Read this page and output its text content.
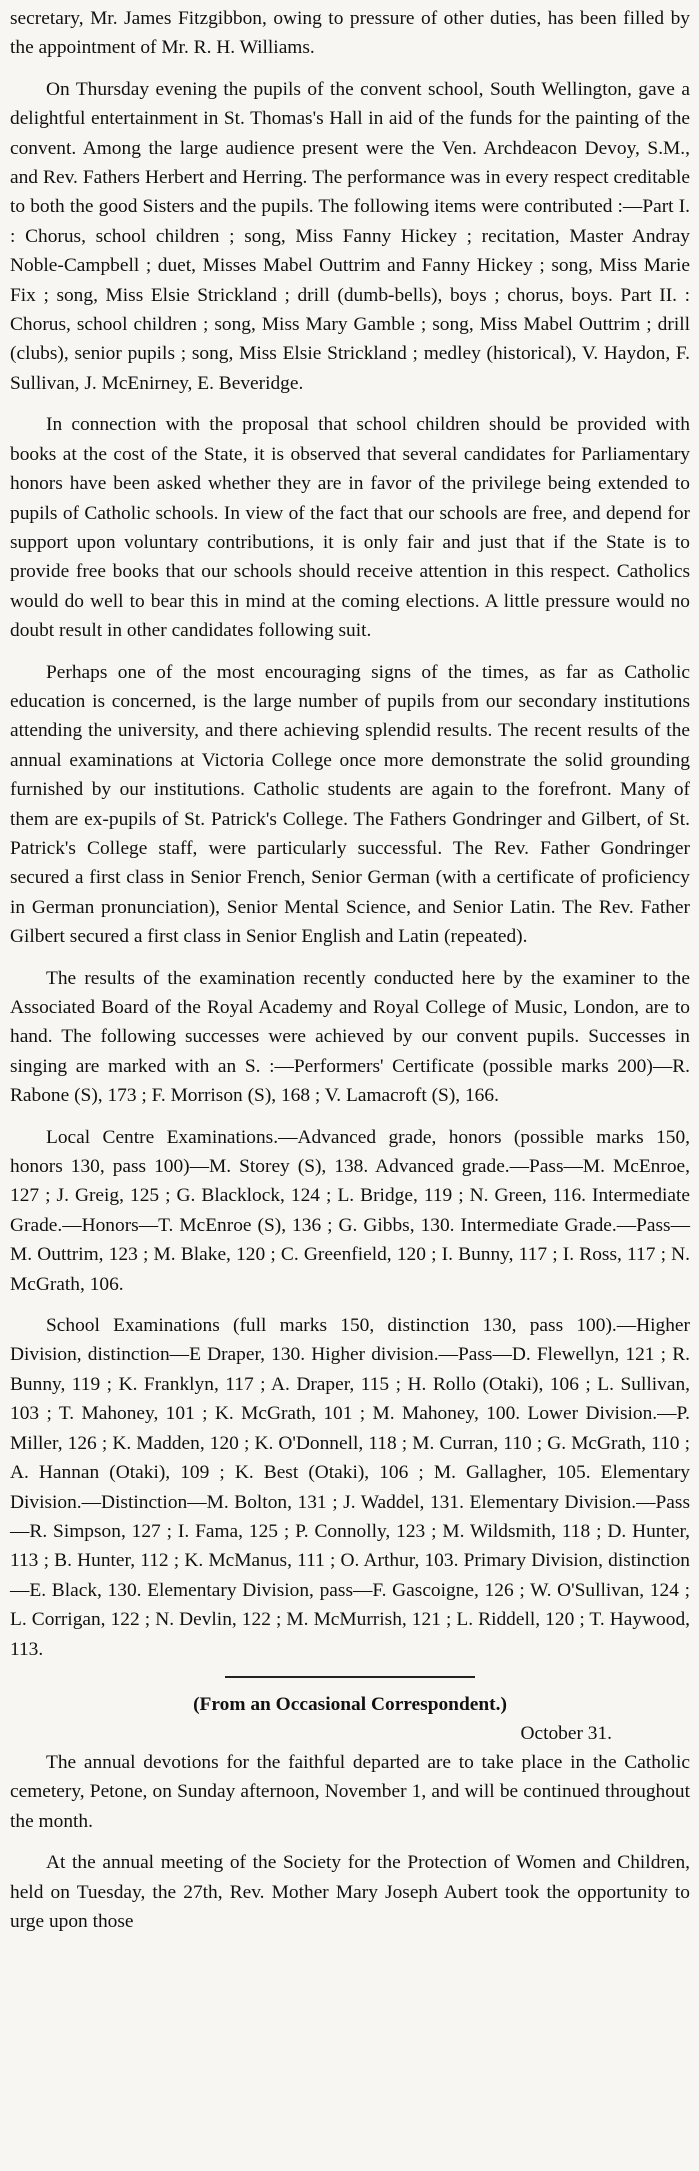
secretary, Mr. James Fitzgibbon, owing to pressure of other duties, has been filled by the appointment of Mr. R. H. Williams.

On Thursday evening the pupils of the convent school, South Wellington, gave a delightful entertainment in St. Thomas's Hall in aid of the funds for the painting of the convent. Among the large audience present were the Ven. Archdeacon Devoy, S.M., and Rev. Fathers Herbert and Herring. The performance was in every respect creditable to both the good Sisters and the pupils. The following items were contributed :—Part I. : Chorus, school children ; song, Miss Fanny Hickey ; recitation, Master Andray Noble-Campbell ; duet, Misses Mabel Outtrim and Fanny Hickey ; song, Miss Marie Fix ; song, Miss Elsie Strickland ; drill (dumb-bells), boys ; chorus, boys. Part II. : Chorus, school children ; song, Miss Mary Gamble ; song, Miss Mabel Outtrim ; drill (clubs), senior pupils ; song, Miss Elsie Strickland ; medley (historical), V. Haydon, F. Sullivan, J. McEnirney, E. Beveridge.

In connection with the proposal that school children should be provided with books at the cost of the State, it is observed that several candidates for Parliamentary honors have been asked whether they are in favor of the privilege being extended to pupils of Catholic schools. In view of the fact that our schools are free, and depend for support upon voluntary contributions, it is only fair and just that if the State is to provide free books that our schools should receive attention in this respect. Catholics would do well to bear this in mind at the coming elections. A little pressure would no doubt result in other candidates following suit.

Perhaps one of the most encouraging signs of the times, as far as Catholic education is concerned, is the large number of pupils from our secondary institutions attending the university, and there achieving splendid results. The recent results of the annual examinations at Victoria College once more demonstrate the solid grounding furnished by our institutions. Catholic students are again to the forefront. Many of them are ex-pupils of St. Patrick's College. The Fathers Gondringer and Gilbert, of St. Patrick's College staff, were particularly successful. The Rev. Father Gondringer secured a first class in Senior French, Senior German (with a certificate of proficiency in German pronunciation), Senior Mental Science, and Senior Latin. The Rev. Father Gilbert secured a first class in Senior English and Latin (repeated).

The results of the examination recently conducted here by the examiner to the Associated Board of the Royal Academy and Royal College of Music, London, are to hand. The following successes were achieved by our convent pupils. Successes in singing are marked with an S. :—Performers' Certificate (possible marks 200)—R. Rabone (S), 173 ; F. Morrison (S), 168 ; V. Lamacroft (S), 166.

Local Centre Examinations.—Advanced grade, honors (possible marks 150, honors 130, pass 100)—M. Storey (S), 138. Advanced grade.—Pass—M. McEnroe, 127 ; J. Greig, 125 ; G. Blacklock, 124 ; L. Bridge, 119 ; N. Green, 116. Intermediate Grade.—Honors—T. McEnroe (S), 136 ; G. Gibbs, 130. Intermediate Grade.—Pass—M. Outtrim, 123 ; M. Blake, 120 ; C. Greenfield, 120 ; I. Bunny, 117 ; I. Ross, 117 ; N. McGrath, 106.

School Examinations (full marks 150, distinction 130, pass 100).—Higher Division, distinction—E Draper, 130. Higher division.—Pass—D. Flewellyn, 121 ; R. Bunny, 119 ; K. Franklyn, 117 ; A. Draper, 115 ; H. Rollo (Otaki), 106 ; L. Sullivan, 103 ; T. Mahoney, 101 ; K. McGrath, 101 ; M. Mahoney, 100. Lower Division.—P. Miller, 126 ; K. Madden, 120 ; K. O'Donnell, 118 ; M. Curran, 110 ; G. McGrath, 110 ; A. Hannan (Otaki), 109 ; K. Best (Otaki), 106 ; M. Gallagher, 105. Elementary Division.—Distinction—M. Bolton, 131 ; J. Waddel, 131. Elementary Division.—Pass—R. Simpson, 127 ; I. Fama, 125 ; P. Connolly, 123 ; M. Wildsmith, 118 ; D. Hunter, 113 ; B. Hunter, 112 ; K. McManus, 111 ; O. Arthur, 103. Primary Division, distinction—E. Black, 130. Elementary Division, pass—F. Gascoigne, 126 ; W. O'Sullivan, 124 ; L. Corrigan, 122 ; N. Devlin, 122 ; M. McMurrish, 121 ; L. Riddell, 120 ; T. Haywood, 113.

(From an Occasional Correspondent.)

October 31.

The annual devotions for the faithful departed are to take place in the Catholic cemetery, Petone, on Sunday afternoon, November 1, and will be continued throughout the month.

At the annual meeting of the Society for the Protection of Women and Children, held on Tuesday, the 27th, Rev. Mother Mary Joseph Aubert took the opportunity to urge upon those
